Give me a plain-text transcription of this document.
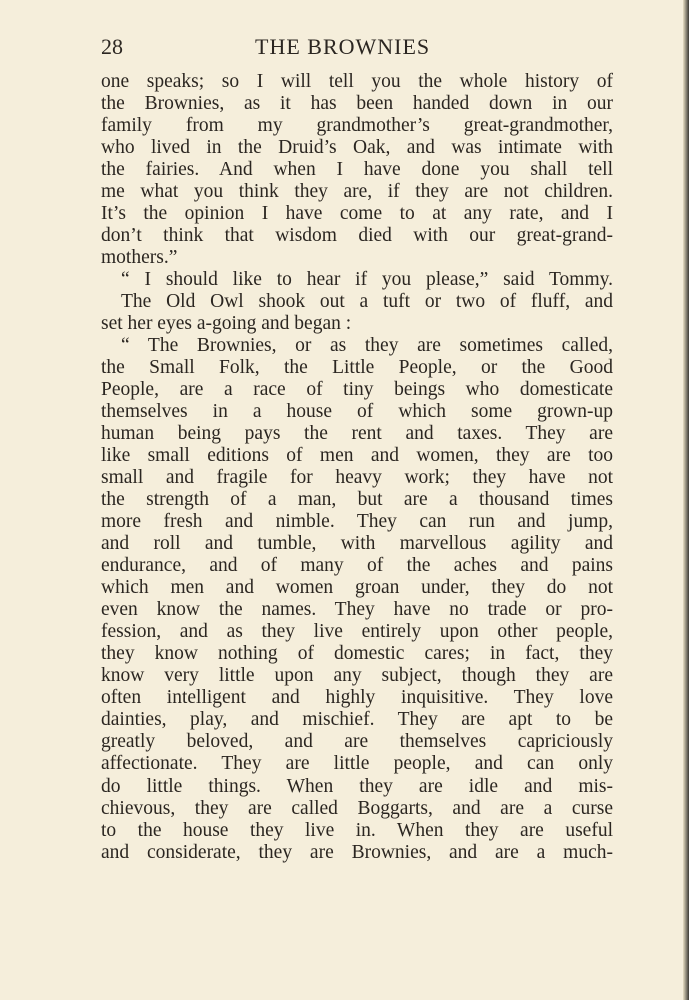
28	THE BROWNIES
one speaks; so I will tell you the whole history of
the Brownies, as it has been handed down in our
family from my grandmother’s great-grandmother,
who lived in the Druid’s Oak, and was intimate with
the fairies. And when I have done you shall tell
me what you think they are, if they are not children.
It’s the opinion I have come to at any rate, and I
don’t think that wisdom died with our great-grand-
mothers.”
“ I should like to hear if you please,” said Tommy.
The Old Owl shook out a tuft or two of fluff, and
set her eyes a-going and began :
“ The Brownies, or as they are sometimes called,
the Small Folk, the Little People, or the Good
People, are a race of tiny beings who domesticate
themselves in a house of which some grown-up
human being pays the rent and taxes. They are
like small editions of men and women, they are too
small and fragile for heavy work; they have not
the strength of a man, but are a thousand times
more fresh and nimble. They can run and jump,
and roll and tumble, with marvellous agility and
endurance, and of many of the aches and pains
which men and women groan under, they do not
even know the names. They have no trade or pro-
fession, and as they live entirely upon other people,
they know nothing of domestic cares; in fact, they
know very little upon any subject, though they are
often intelligent and highly inquisitive. They love
dainties, play, and mischief. They are apt to be
greatly beloved, and are themselves capriciously
affectionate. They are little people, and can only
do little things. When they are idle and mis-
chievous, they are called Boggarts, and are a curse
to the house they live in. When they are useful
and considerate, they are Brownies, and are a much-
